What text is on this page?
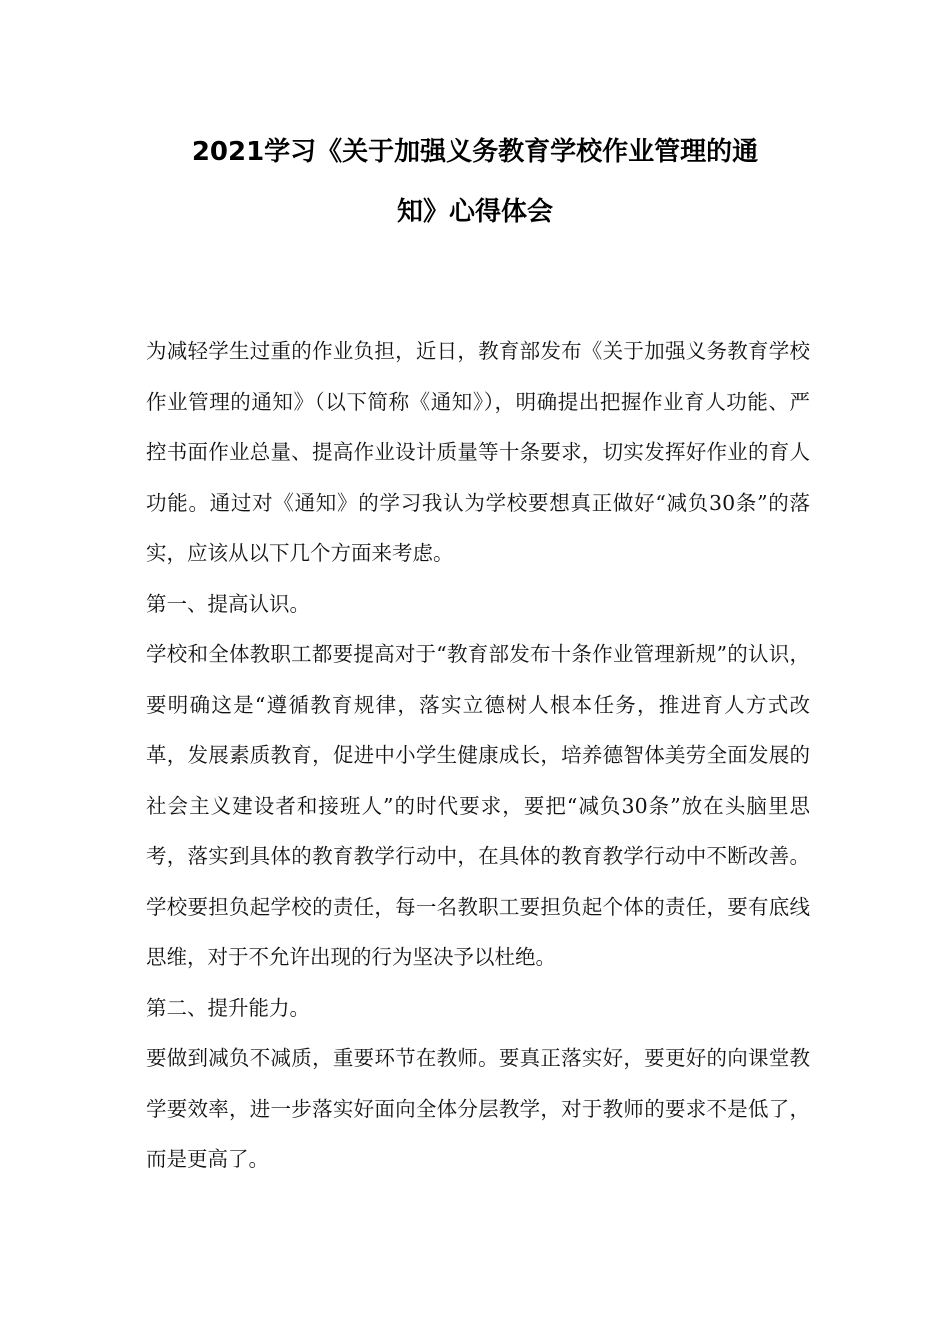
2021学习《关于加强义务教育学校作业管理的通
知》心得体会

为减轻学生过重的作业负担，近日，教育部发布《关于加强义务教育学校作业管理的通知》（以下简称《通知》），明确提出把握作业育人功能、严控书面作业总量、提高作业设计质量等十条要求，切实发挥好作业的育人功能。通过对《通知》的学习我认为学校要想真正做好“减负30条”的落实，应该从以下几个方面来考虑。

第一、提高认识。

学校和全体教职工都要提高对于“教育部发布十条作业管理新规”的认识，要明确这是“遵循教育规律，落实立德树人根本任务，推进育人方式改革，发展素质教育，促进中小学生健康成长，培养德智体美劳全面发展的社会主义建设者和接班人”的时代要求，要把“减负30条”放在头脑里思考，落实到具体的教育教学行动中，在具体的教育教学行动中不断改善。学校要担负起学校的责任，每一名教职工要担负起个体的责任，要有底线思维，对于不允许出现的行为坚决予以杜绝。

第二、提升能力。

要做到减负不减质，重要环节在教师。要真正落实好，要更好的向课堂教学要效率，进一步落实好面向全体分层教学，对于教师的要求不是低了，而是更高了。
